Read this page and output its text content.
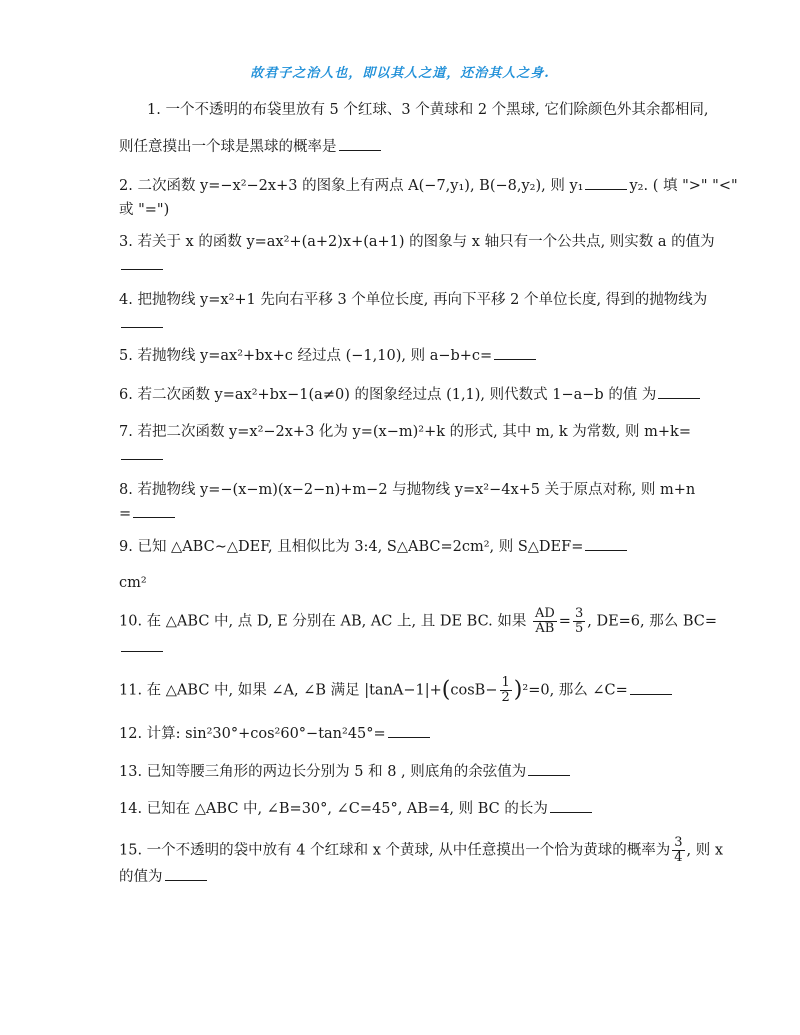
故君子之治人也，即以其人之道，还治其人之身.
1. 一个不透明的布袋里放有 5 个红球、3 个黄球和 2 个黑球, 它们除颜色外其余都相同,
则任意摸出一个球是黑球的概率是
2. 二次函数 y=−x²−2x+3 的图象上有两点 A(−7,y₁), B(−8,y₂), 则 y₁	y₂. ( 填 ">" "<"
或 "=")
3. 若关于 x 的函数 y=ax²+(a+2)x+(a+1) 的图象与 x 轴只有一个公共点, 则实数 a 的值为
4. 把抛物线 y=x²+1 先向右平移 3 个单位长度, 再向下平移 2 个单位长度, 得到的抛物线为
5. 若抛物线 y=ax²+bx+c 经过点 (−1,10), 则 a−b+c=
6. 若二次函数 y=ax²+bx−1(a≠0) 的图象经过点 (1,1), 则代数式 1−a−b 的值 为
7. 若把二次函数 y=x²−2x+3 化为 y=(x−m)²+k 的形式, 其中 m, k 为常数, 则 m+k=
8. 若抛物线 y=−(x−m)(x−2−n)+m−2 与抛物线 y=x²−4x+5 关于原点对称, 则 m+n
=
9. 已知 △ABC∼△DEF, 且相似比为 3:4, S△ABC=2cm², 则 S△DEF=
cm²
10. 在 △ABC 中, 点 D, E 分别在 AB, AC 上, 且 DE BC. 如果 $\frac{AD}{AB} = \frac{3}{5}$ , DE=6, 那么 BC=
11. 在 △ABC 中, 如果 ∠A, ∠B 满足 $|\tan A-1|+(\cos B- \frac{1}{2} )^2=0$, 那么 ∠C=
12. 计算: sin²30°+cos²60°−tan²45°=
13. 已知等腰三角形的两边长分别为 5 和 8 , 则底角的余弦值为
14. 已知在 △ABC 中, ∠B=30°, ∠C=45°, AB=4, 则 BC 的长为
15. 一个不透明的袋中放有 4 个红球和 x 个黄球, 从中任意摸出一个恰为黄球的概率为 $\frac{3}{4}$ , 则 x
的值为
